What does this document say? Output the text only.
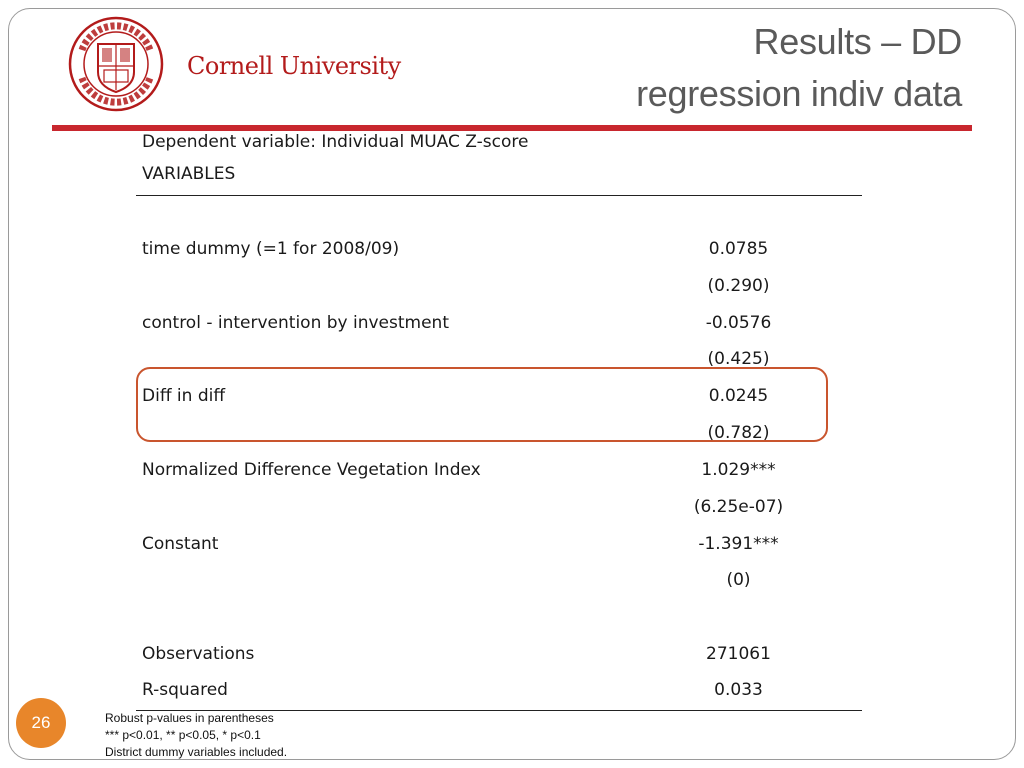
Cornell University
Results – DD
regression indiv data
Dependent variable: Individual MUAC Z-score
VARIABLES
time dummy (=1 for 2008/09)	0.0785
(0.290)
control - intervention by investment	-0.0576
(0.425)
Diff in diff	0.0245
(0.782)
Normalized Difference Vegetation Index	1.029***
(6.25e-07)
Constant	-1.391***
(0)
Observations	271061
R-squared	0.033
26	Robust p-values in parentheses
*** p<0.01, ** p<0.05, * p<0.1
District dummy variables included.
